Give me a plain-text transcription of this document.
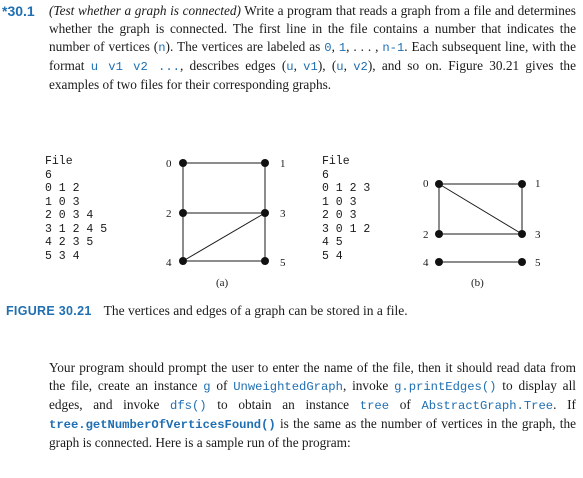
*30.1 (Test whether a graph is connected) Write a program that reads a graph from a file and determines whether the graph is connected. The first line in the file contains a number that indicates the number of vertices (n). The vertices are labeled as 0, 1, . . . , n-1. Each subsequent line, with the format u v1 v2 ..., describes edges (u, v1), (u, v2), and so on. Figure 30.21 gives the examples of two files for their corresponding graphs.
File
6
0 1 2
1 0 3
2 0 3 4
3 1 2 4 5
4 2 3 5
5 3 4
File
6
0 1 2 3
1 0 3
2 0 3
3 0 1 2
4 5
5 4
0	1
2	3
4	5
(a)
0	1
2	3
4	5
(b)
FIGURE 30.21 The vertices and edges of a graph can be stored in a file.
Your program should prompt the user to enter the name of the file, then it should read data from the file, create an instance g of UnweightedGraph, invoke g.printEdges() to display all edges, and invoke dfs() to obtain an instance tree of AbstractGraph.Tree. If tree.getNumberOfVerticesFound() is the same as the number of vertices in the graph, the graph is connected. Here is a sample run of the program:
